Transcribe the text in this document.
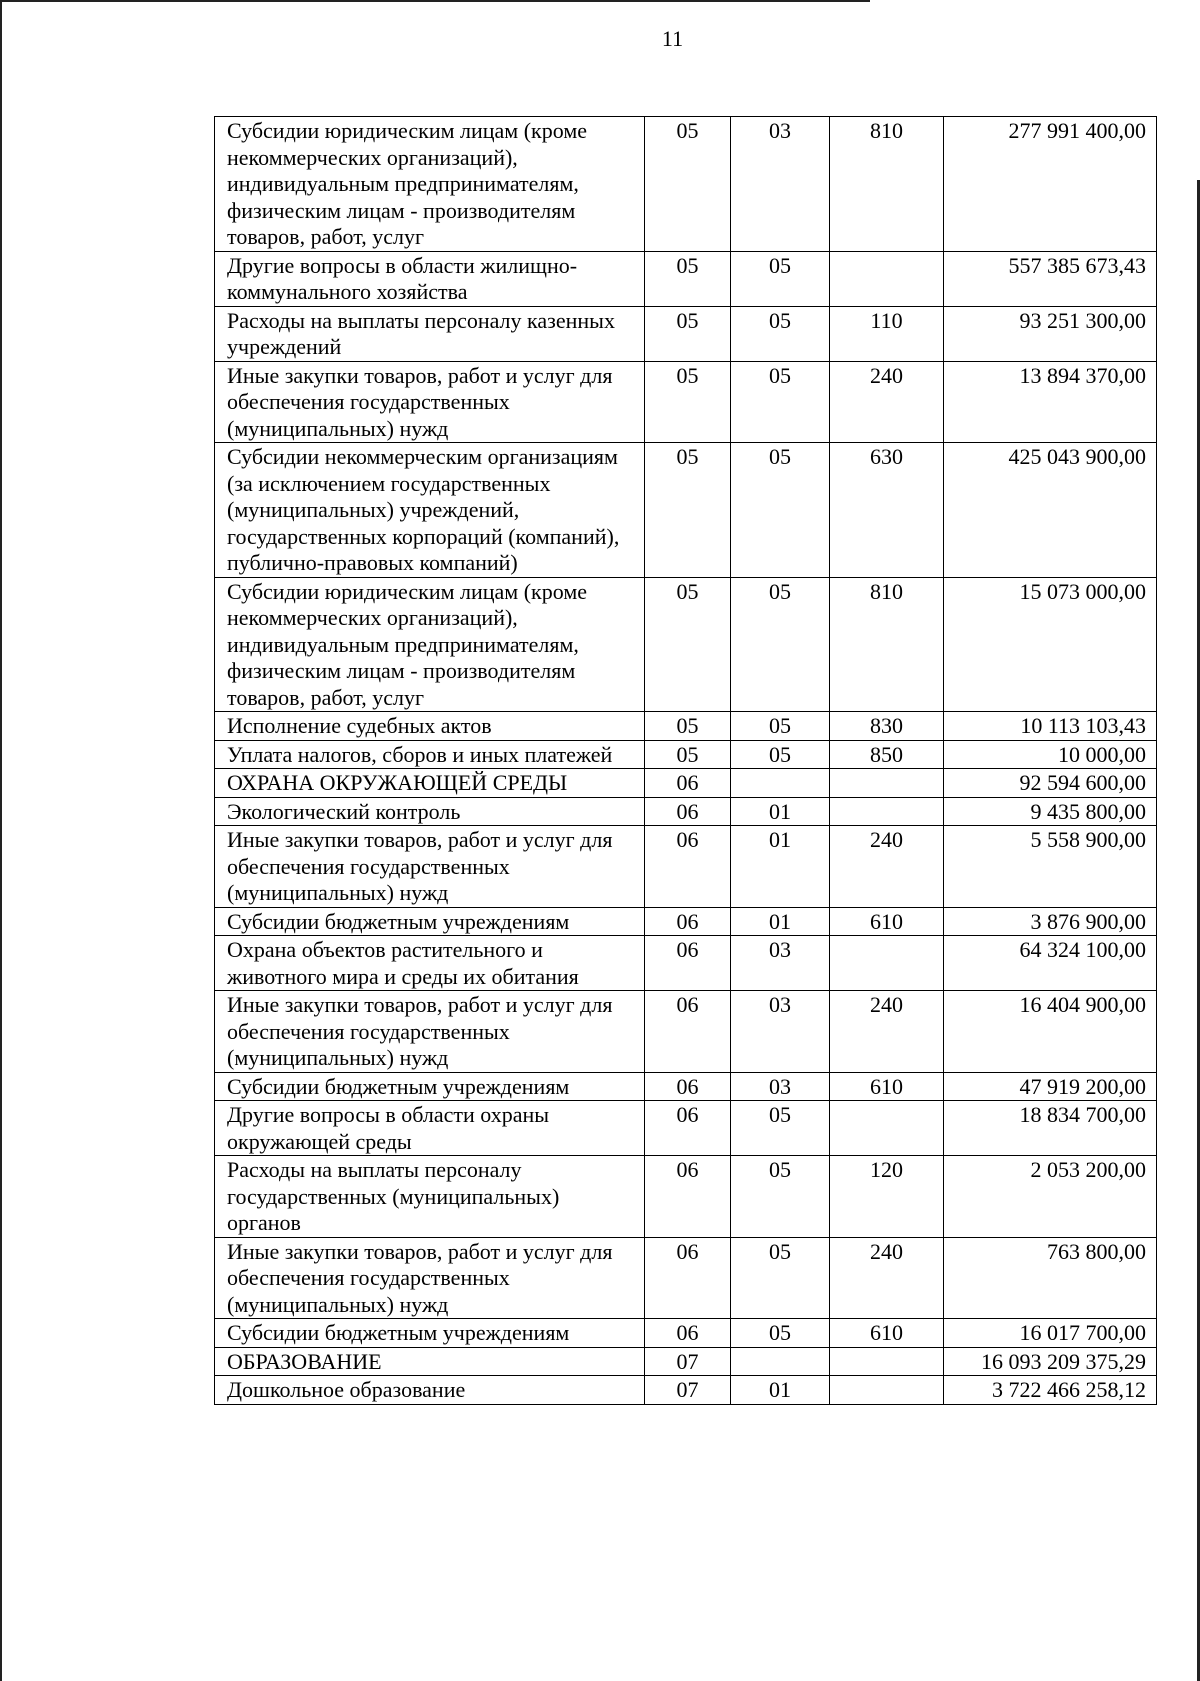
11
Субсидии юридическим лицам (кроме некоммерческих организаций), индивидуальным предпринимателям, физическим лицам - производителям товаров, работ, услуг	05	03	810	277 991 400,00
Другие вопросы в области жилищно-коммунального хозяйства	05	05		557 385 673,43
Расходы на выплаты персоналу казенных учреждений	05	05	110	93 251 300,00
Иные закупки товаров, работ и услуг для обеспечения государственных (муниципальных) нужд	05	05	240	13 894 370,00
Субсидии некоммерческим организациям (за исключением государственных (муниципальных) учреждений, государственных корпораций (компаний), публично-правовых компаний)	05	05	630	425 043 900,00
Субсидии юридическим лицам (кроме некоммерческих организаций), индивидуальным предпринимателям, физическим лицам - производителям товаров, работ, услуг	05	05	810	15 073 000,00
Исполнение судебных актов	05	05	830	10 113 103,43
Уплата налогов, сборов и иных платежей	05	05	850	10 000,00
ОХРАНА ОКРУЖАЮЩЕЙ СРЕДЫ	06			92 594 600,00
Экологический контроль	06	01		9 435 800,00
Иные закупки товаров, работ и услуг для обеспечения государственных (муниципальных) нужд	06	01	240	5 558 900,00
Субсидии бюджетным учреждениям	06	01	610	3 876 900,00
Охрана объектов растительного и животного мира и среды их обитания	06	03		64 324 100,00
Иные закупки товаров, работ и услуг для обеспечения государственных (муниципальных) нужд	06	03	240	16 404 900,00
Субсидии бюджетным учреждениям	06	03	610	47 919 200,00
Другие вопросы в области охраны окружающей среды	06	05		18 834 700,00
Расходы на выплаты персоналу государственных (муниципальных) органов	06	05	120	2 053 200,00
Иные закупки товаров, работ и услуг для обеспечения государственных (муниципальных) нужд	06	05	240	763 800,00
Субсидии бюджетным учреждениям	06	05	610	16 017 700,00
ОБРАЗОВАНИЕ	07			16 093 209 375,29
Дошкольное образование	07	01		3 722 466 258,12
